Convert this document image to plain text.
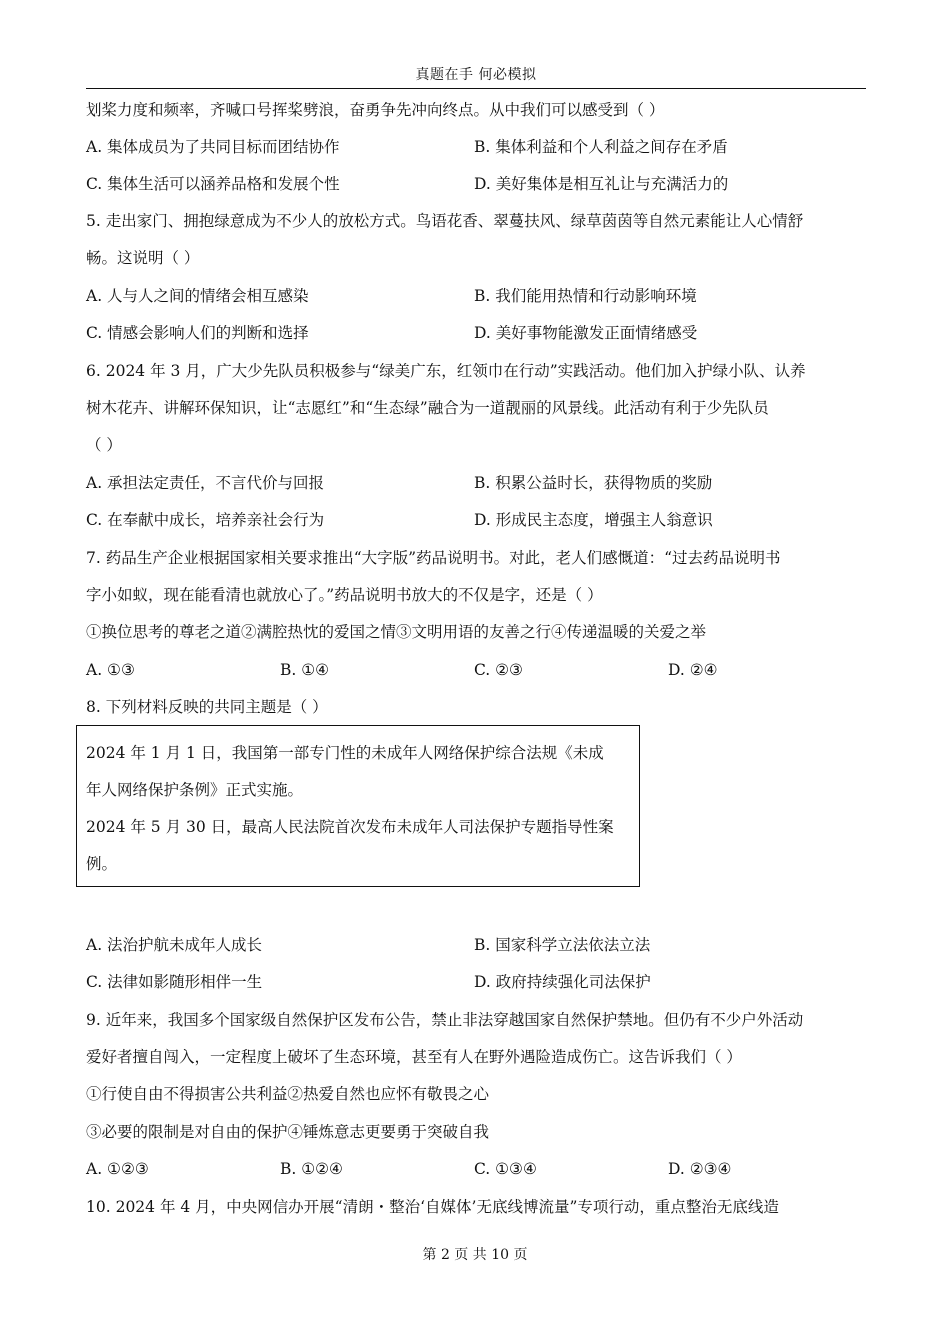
真题在手 何必模拟
划桨力度和频率，齐喊口号挥桨劈浪，奋勇争先冲向终点。从中我们可以感受到（ ）
A. 集体成员为了共同目标而团结协作	B. 集体利益和个人利益之间存在矛盾
C. 集体生活可以涵养品格和发展个性	D. 美好集体是相互礼让与充满活力的
5. 走出家门、拥抱绿意成为不少人的放松方式。鸟语花香、翠蔓扶风、绿草茵茵等自然元素能让人心情舒
畅。这说明（ ）
A. 人与人之间的情绪会相互感染	B. 我们能用热情和行动影响环境
C. 情感会影响人们的判断和选择	D. 美好事物能激发正面情绪感受
6. 2024 年 3 月，广大少先队员积极参与“绿美广东，红领巾在行动”实践活动。他们加入护绿小队、认养
树木花卉、讲解环保知识，让“志愿红”和“生态绿”融合为一道靓丽的风景线。此活动有利于少先队员
（ ）
A. 承担法定责任，不言代价与回报	B. 积累公益时长，获得物质的奖励
C. 在奉献中成长，培养亲社会行为	D. 形成民主态度，增强主人翁意识
7. 药品生产企业根据国家相关要求推出“大字版”药品说明书。对此，老人们感慨道：“过去药品说明书
字小如蚁，现在能看清也就放心了。”药品说明书放大的不仅是字，还是（ ）
①换位思考的尊老之道②满腔热忱的爱国之情③文明用语的友善之行④传递温暖的关爱之举
A. ①③	B. ①④	C. ②③	D. ②④
8. 下列材料反映的共同主题是（ ）
2024 年 1 月 1 日，我国第一部专门性的未成年人网络保护综合法规《未成
年人网络保护条例》正式实施。
2024 年 5 月 30 日，最高人民法院首次发布未成年人司法保护专题指导性案
例。
A. 法治护航未成年人成长	B. 国家科学立法依法立法
C. 法律如影随形相伴一生	D. 政府持续强化司法保护
9. 近年来，我国多个国家级自然保护区发布公告，禁止非法穿越国家自然保护禁地。但仍有不少户外活动
爱好者擅自闯入，一定程度上破坏了生态环境，甚至有人在野外遇险造成伤亡。这告诉我们（ ）
①行使自由不得损害公共利益②热爱自然也应怀有敬畏之心
③必要的限制是对自由的保护④锤炼意志更要勇于突破自我
A. ①②③	B. ①②④	C. ①③④	D. ②③④
10. 2024 年 4 月，中央网信办开展“清朗・整治‘自媒体’无底线博流量”专项行动，重点整治无底线造
第 2 页 共 10 页
